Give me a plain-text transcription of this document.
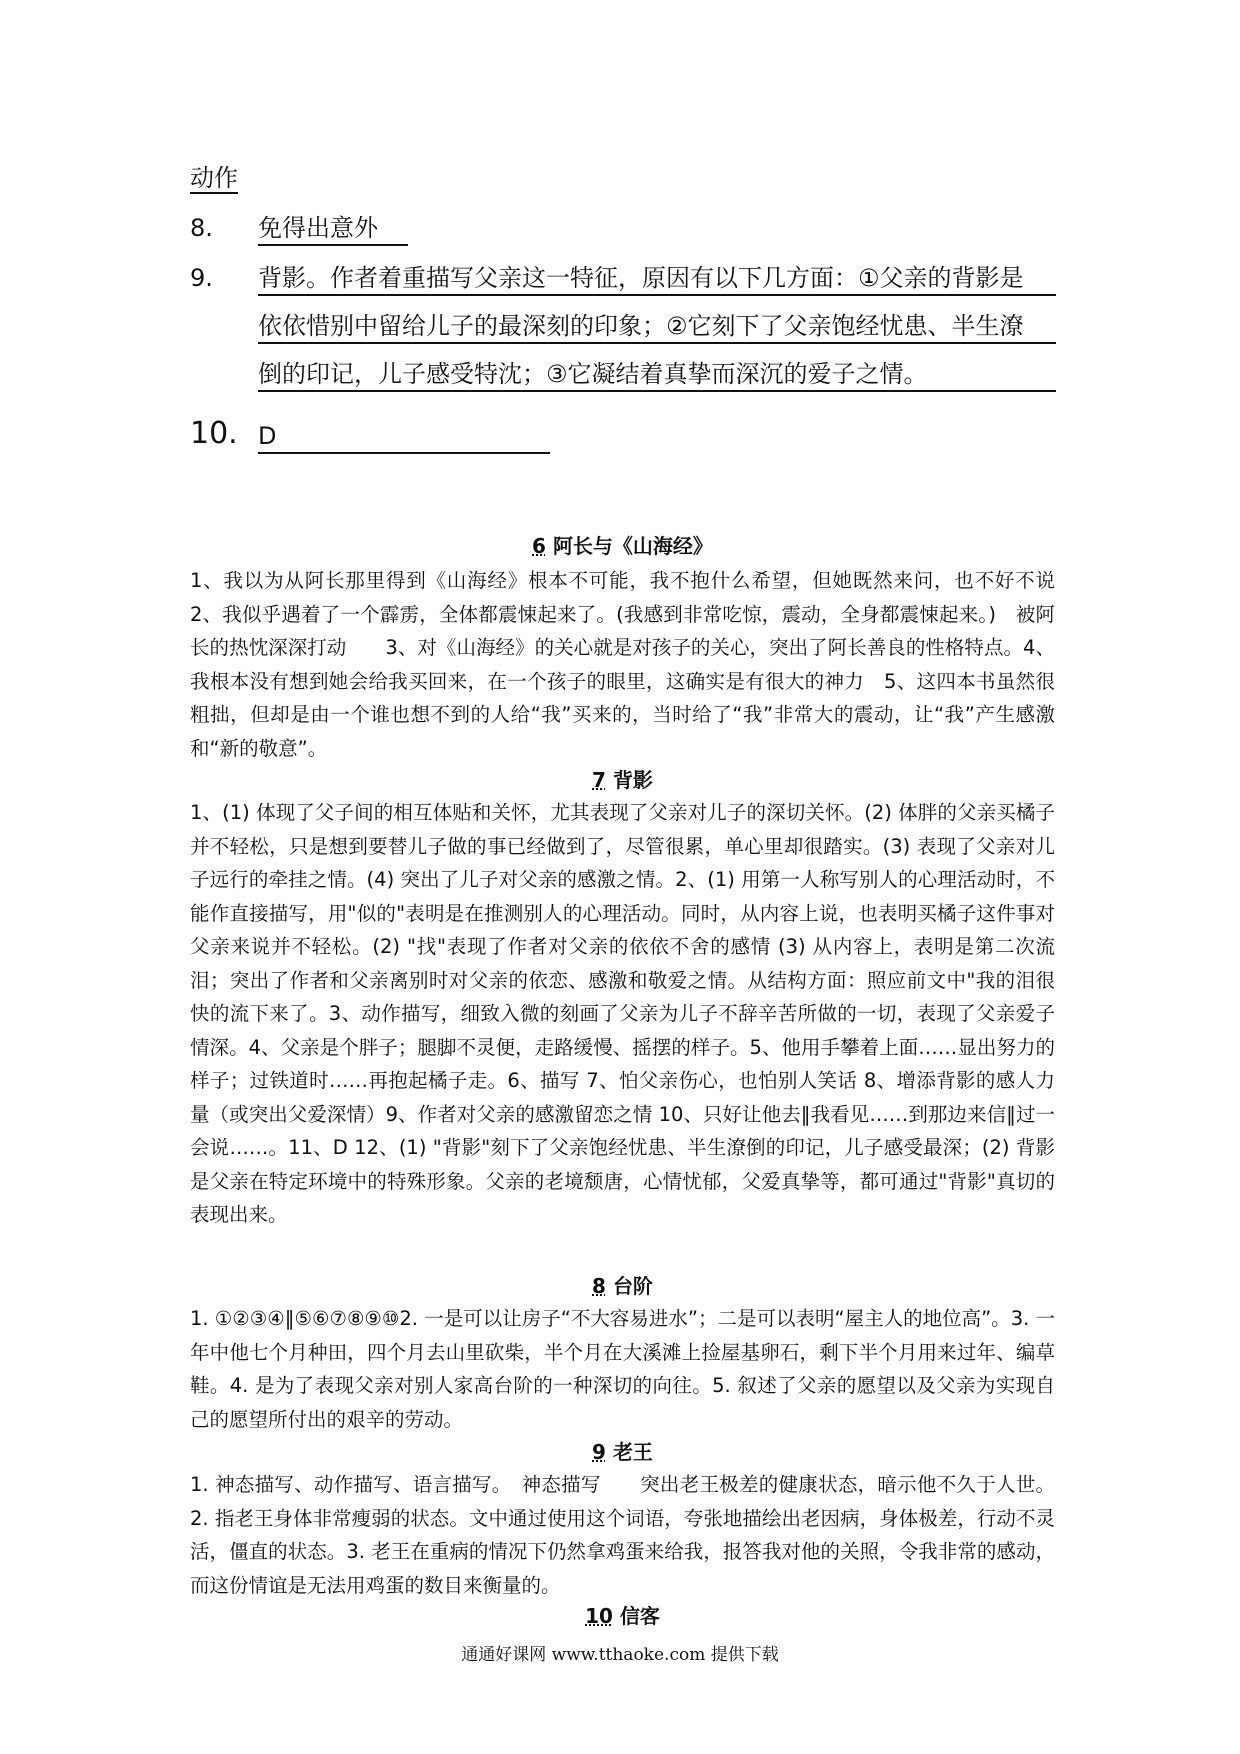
动作
8. 免得出意外
9. 背影。作者着重描写父亲这一特征，原因有以下几方面：①父亲的背影是
依依惜别中留给儿子的最深刻的印象；②它刻下了父亲饱经忧患、半生潦
倒的印记，儿子感受特沈；③它凝结着真挚而深沉的爱子之情。
10. D
6 阿长与《山海经》
1、我以为从阿长那里得到《山海经》根本不可能，我不抱什么希望，但她既然来问，也不好不说　2、我似乎遇着了一个霹雳，全体都震悚起来了。(我感到非常吃惊，震动，全身都震悚起来。)　被阿长的热忱深深打动　　3、对《山海经》的关心就是对孩子的关心，突出了阿长善良的性格特点。4、我根本没有想到她会给我买回来，在一个孩子的眼里，这确实是有很大的神力　5、这四本书虽然很粗拙，但却是由一个谁也想不到的人给“我”买来的，当时给了“我”非常大的震动，让“我”产生感激和“新的敬意”。
7 背影
1、(1) 体现了父子间的相互体贴和关怀，尤其表现了父亲对儿子的深切关怀。(2) 体胖的父亲买橘子并不轻松，只是想到要替儿子做的事已经做到了，尽管很累，单心里却很踏实。(3) 表现了父亲对儿子远行的牵挂之情。(4) 突出了儿子对父亲的感激之情。2、(1) 用第一人称写别人的心理活动时，不能作直接描写，用"似的"表明是在推测别人的心理活动。同时，从内容上说，也表明买橘子这件事对父亲来说并不轻松。(2) "找"表现了作者对父亲的依依不舍的感情 (3) 从内容上，表明是第二次流泪；突出了作者和父亲离别时对父亲的依恋、感激和敬爱之情。从结构方面：照应前文中"我的泪很快的流下来了。3、动作描写，细致入微的刻画了父亲为儿子不辞辛苦所做的一切，表现了父亲爱子情深。4、父亲是个胖子；腿脚不灵便，走路缓慢、摇摆的样子。5、他用手攀着上面……显出努力的样子；过铁道时……再抱起橘子走。6、描写 7、怕父亲伤心，也怕别人笑话 8、增添背影的感人力量（或突出父爱深情）9、作者对父亲的感激留恋之情 10、只好让他去‖我看见……到那边来信‖过一会说……。11、D 12、(1) "背影"刻下了父亲饱经忧患、半生潦倒的印记，儿子感受最深；(2) 背影是父亲在特定环境中的特殊形象。父亲的老境颓唐，心情忧郁，父爱真挚等，都可通过"背影"真切的表现出来。
8 台阶
1. ①②③④‖⑤⑥⑦⑧⑨⑩2. 一是可以让房子“不大容易进水”；二是可以表明“屋主人的地位高”。3. 一年中他七个月种田，四个月去山里砍柴，半个月在大溪滩上捡屋基卵石，剩下半个月用来过年、编草鞋。4. 是为了表现父亲对别人家高台阶的一种深切的向往。5. 叙述了父亲的愿望以及父亲为实现自己的愿望所付出的艰辛的劳动。
9 老王
1. 神态描写、动作描写、语言描写。　神态描写　　突出老王极差的健康状态，暗示他不久于人世。2. 指老王身体非常瘦弱的状态。文中通过使用这个词语，夸张地描绘出老因病，身体极差，行动不灵活，僵直的状态。3. 老王在重病的情况下仍然拿鸡蛋来给我，报答我对他的关照，令我非常的感动，而这份情谊是无法用鸡蛋的数目来衡量的。
10 信客
通通好课网 www.tthaoke.com 提供下载
